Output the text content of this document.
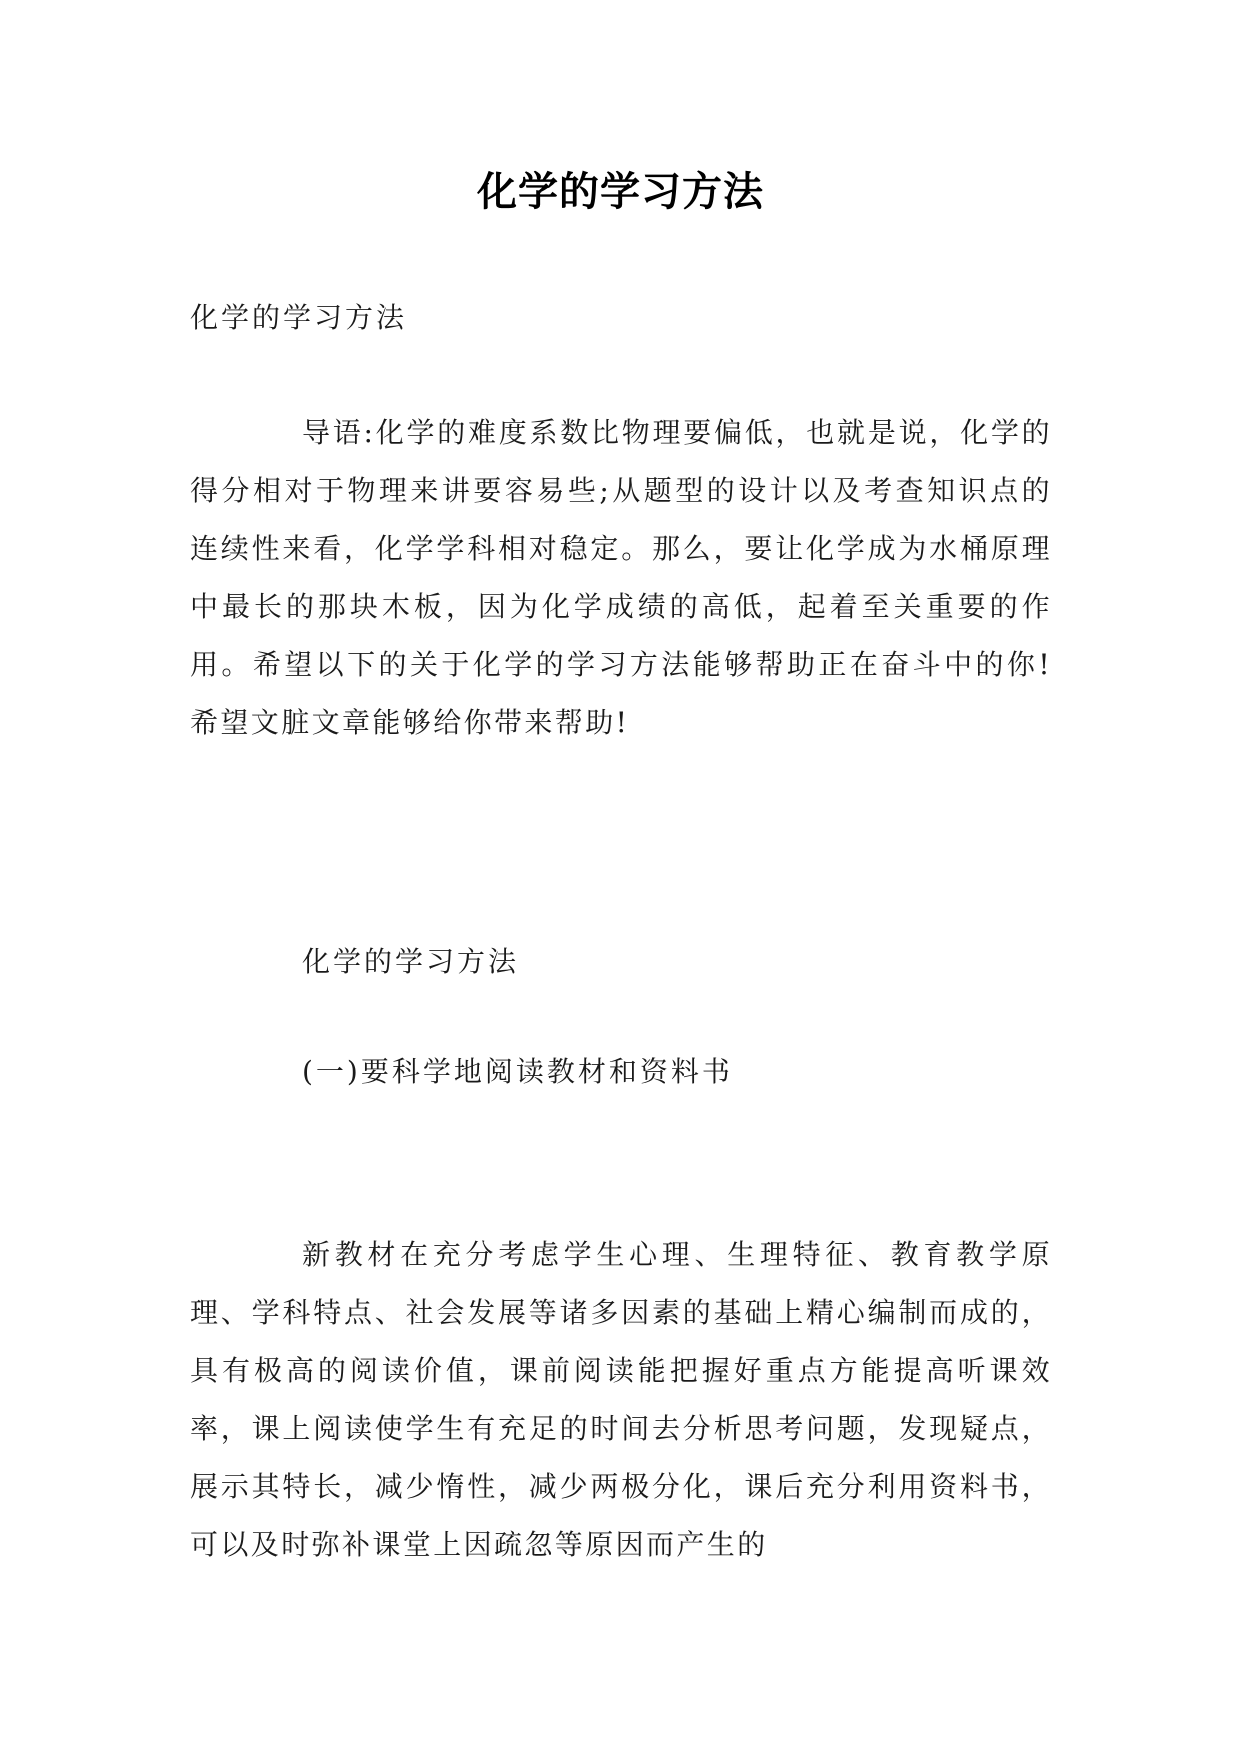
化学的学习方法

化学的学习方法

导语:化学的难度系数比物理要偏低，也就是说，化学的得分相对于物理来讲要容易些;从题型的设计以及考查知识点的连续性来看，化学学科相对稳定。那么，要让化学成为水桶原理中最长的那块木板，因为化学成绩的高低，起着至关重要的作用。希望以下的关于化学的学习方法能够帮助正在奋斗中的你!希望文脏文章能够给你带来帮助!

化学的学习方法

(一)要科学地阅读教材和资料书

新教材在充分考虑学生心理、生理特征、教育教学原理、学科特点、社会发展等诸多因素的基础上精心编制而成的，具有极高的阅读价值，课前阅读能把握好重点方能提高听课效率，课上阅读使学生有充足的时间去分析思考问题，发现疑点，展示其特长，减少惰性，减少两极分化，课后充分利用资料书，可以及时弥补课堂上因疏忽等原因而产生的
